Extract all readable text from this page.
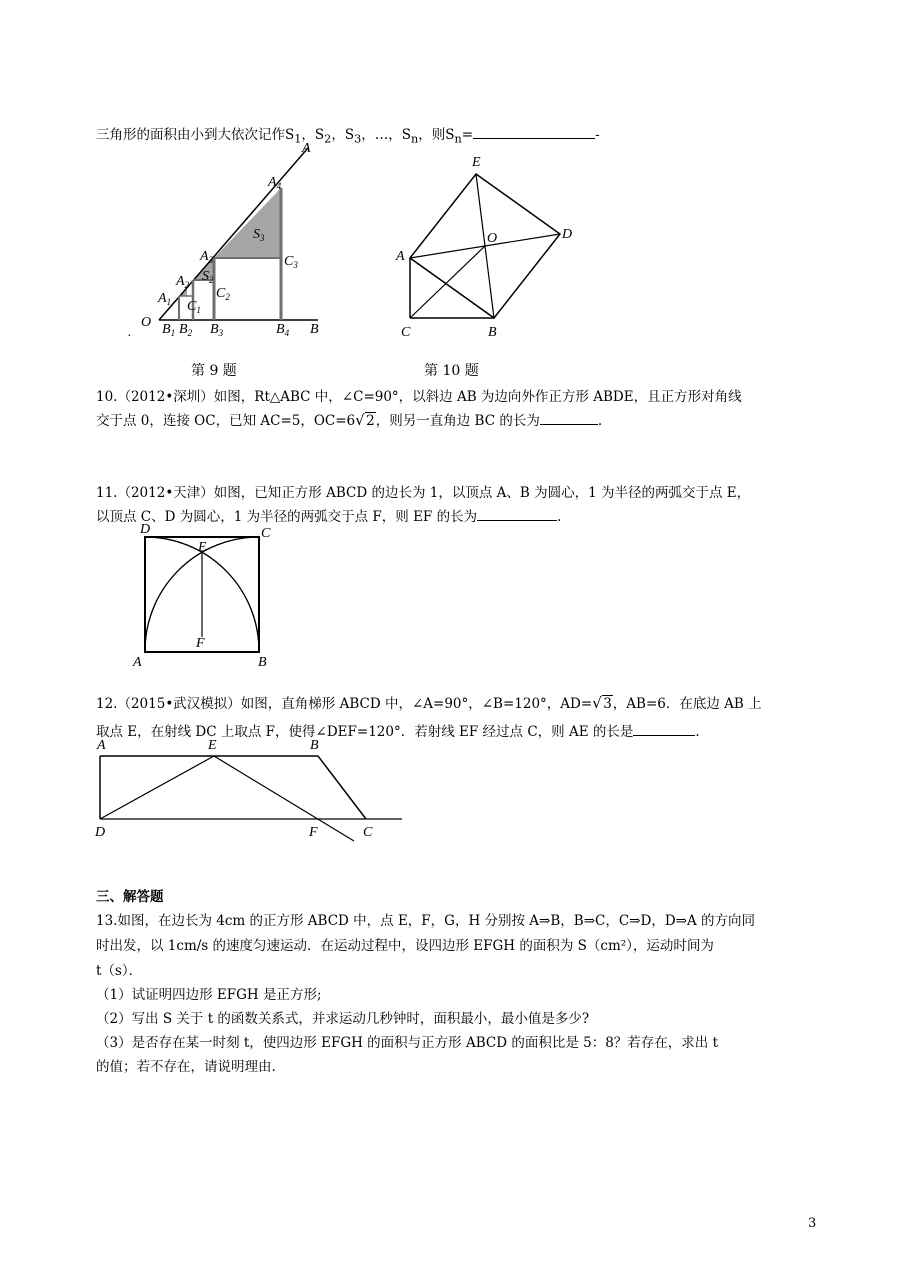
三角形的面积由小到大依次记作$S_1$，$S_2$，$S_3$，…，$S_n$，则$S_n=$	-
A
$A_4$
$S_3$
$A_3$	$C_3$
$S_2$
$A_2$
$C_2$
$A_1$ $C_1$
O $B_1$ $B_2$ $B_3$	$B_4$ B
.
E
O	D
A
C	B
第 9 题	第 10 题
10.（2012•深圳）如图，Rt△ABC 中，∠C=90°，以斜边 AB 为边向外作正方形 ABDE，且正方形对角线
交于点 0，连接 OC，已知 AC=5，OC=6 √ 2，则另一直角边 BC 的长为	.
11.（2012•天津）如图，已知正方形 ABCD 的边长为 1，以顶点 A、B 为圆心，1 为半径的两弧交于点 E，
以顶点 C、D 为圆心，1 为半径的两弧交于点 F，则 EF 的长为	.
D
E
C
F
A	B
12.（2015•武汉模拟）如图，直角梯形 ABCD 中，∠A=90°，∠B=120°，AD= √ 3，AB=6．在底边 AB 上
取点 E，在射线 DC 上取点 F，使得∠DEF=120°．若射线 EF 经过点 C，则 AE 的长是	.
A	E	B
D	F	C
三、解答题
13.如图，在边长为 4cm 的正方形 ABCD 中，点 E，F，G，H 分别按 A⇒B，B⇒C，C⇒D，D⇒A 的方向同
时出发，以 1cm/s 的速度匀速运动．在运动过程中，设四边形 EFGH 的面积为 S（cm²），运动时间为
t（s）．
（1）试证明四边形 EFGH 是正方形;
（2）写出 S 关于 t 的函数关系式，并求运动几秒钟时，面积最小，最小值是多少?
（3）是否存在某一时刻 t，使四边形 EFGH 的面积与正方形 ABCD 的面积比是 5：8？若存在，求出 t
的值；若不存在，请说明理由.
3
